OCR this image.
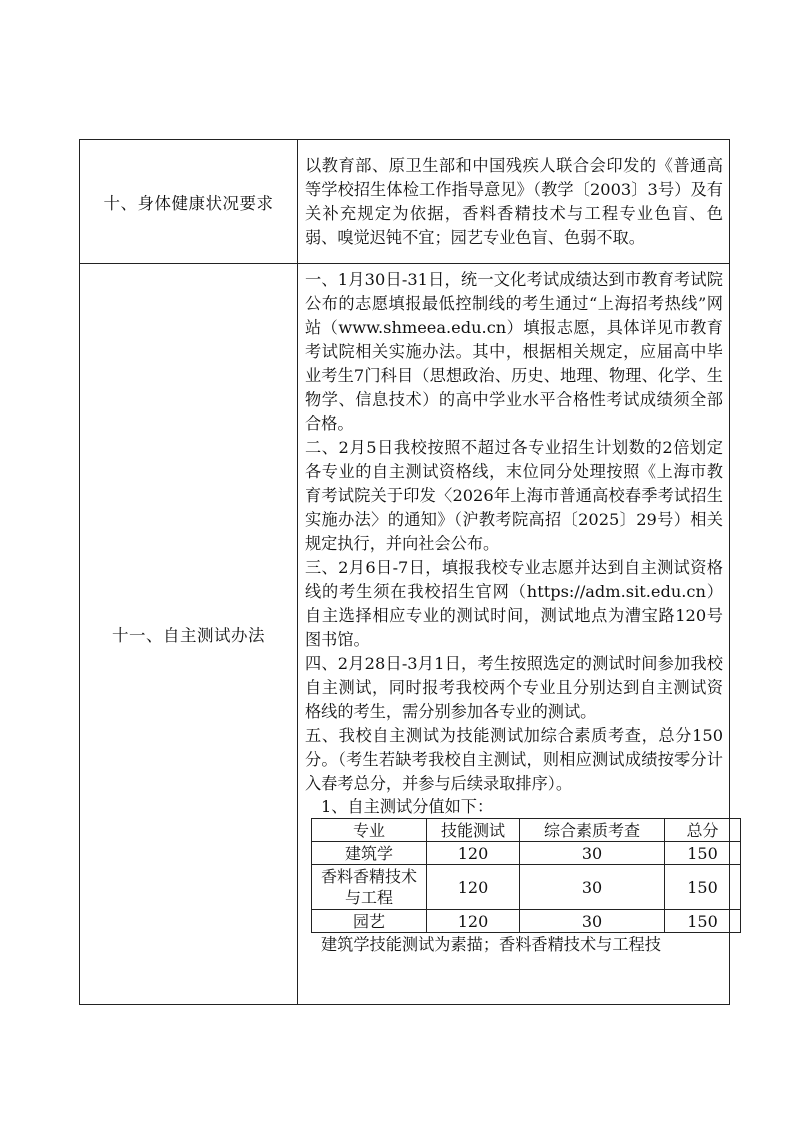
十、身体健康状况要求	

以教育部、原卫生部和中国残疾人联合会印发的《普通高等学校招生体检工作指导意见》（教学〔2003〕3号）及有关补充规定为依据，香料香精技术与工程专业色盲、色弱、嗅觉迟钝不宜；园艺专业色盲、色弱不取。

十一、自主测试办法	

一、1月30日-31日，统一文化考试成绩达到市教育考试院公布的志愿填报最低控制线的考生通过“上海招考热线”网站（www.shmeea.edu.cn）填报志愿，具体详见市教育考试院相关实施办法。其中，根据相关规定，应届高中毕业考生7门科目（思想政治、历史、地理、物理、化学、生物学、信息技术）的高中学业水平合格性考试成绩须全部合格。

二、2月5日我校按照不超过各专业招生计划数的2倍划定各专业的自主测试资格线，末位同分处理按照《上海市教育考试院关于印发〈2026年上海市普通高校春季考试招生实施办法〉的通知》（沪教考院高招〔2025〕29号）相关规定执行，并向社会公布。

三、2月6日-7日，填报我校专业志愿并达到自主测试资格线的考生须在我校招生官网（https://adm.sit.edu.cn）自主选择相应专业的测试时间，测试地点为漕宝路120号图书馆。

四、2月28日-3月1日，考生按照选定的测试时间参加我校自主测试，同时报考我校两个专业且分别达到自主测试资格线的考生，需分别参加各专业的测试。

五、我校自主测试为技能测试加综合素质考查，总分150分。（考生若缺考我校自主测试，则相应测试成绩按零分计入春考总分，并参与后续录取排序）。

1、自主测试分值如下：

专业	技能测试	综合素质考查	总分
建筑学	120	30	150
香料香精技术与工程	120	30	150
园艺	120	30	150

建筑学技能测试为素描；香料香精技术与工程技
